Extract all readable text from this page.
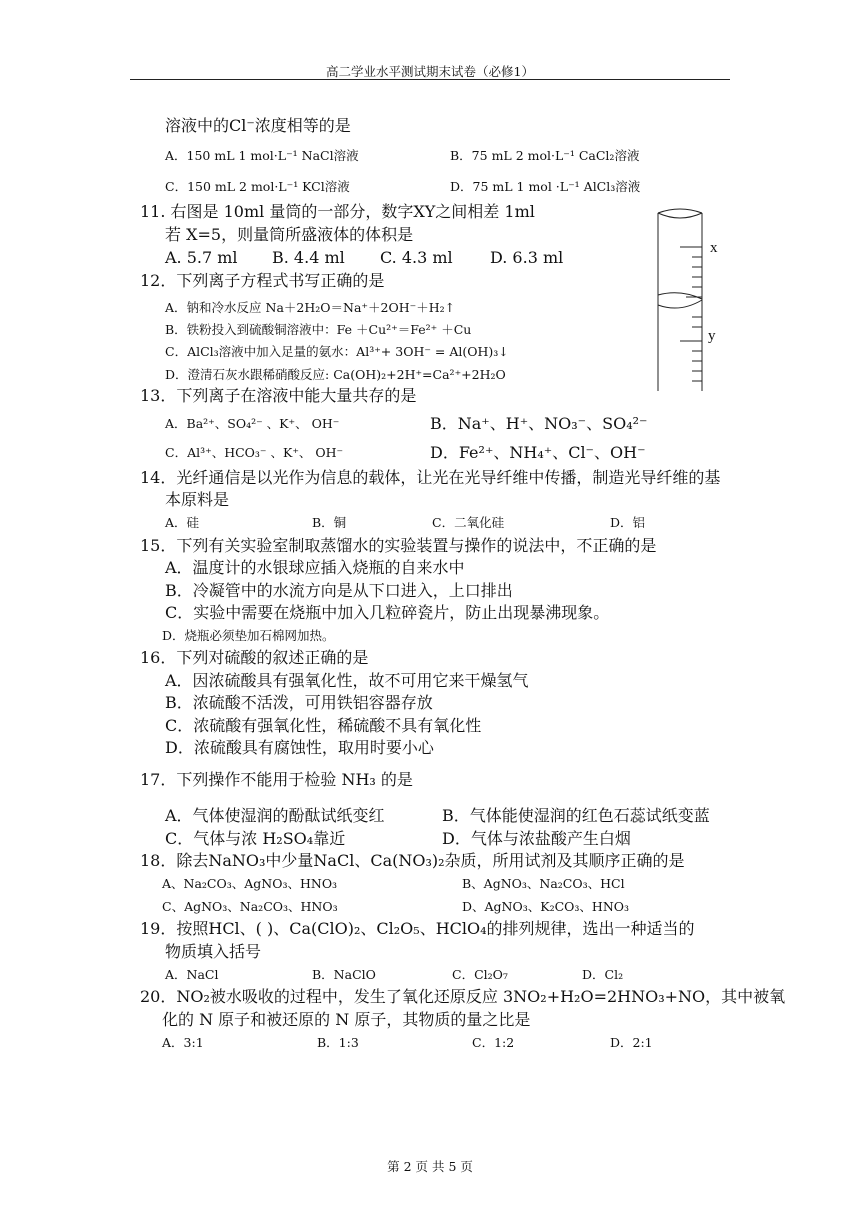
高二学业水平测试期末试卷（必修1）
溶液中的Cl⁻浓度相等的是
A．150 mL 1 mol·L⁻¹ NaCl溶液	B．75 mL 2 mol·L⁻¹ CaCl₂溶液
C．150 mL 2 mol·L⁻¹ KCl溶液	D．75 mL 1 mol ·L⁻¹ AlCl₃溶液
11. 右图是 10ml 量筒的一部分，数字XY之间相差 1ml
若 X=5，则量筒所盛液体的体积是
A. 5.7 ml B. 4.4 ml C. 4.3 ml D. 6.3 ml	x
y
12．下列离子方程式书写正确的是
A．钠和冷水反应 Na＋2H₂O＝Na⁺＋2OH⁻＋H₂↑
B．铁粉投入到硫酸铜溶液中：Fe ＋Cu²⁺＝Fe²⁺ ＋Cu
C．AlCl₃溶液中加入足量的氨水：Al³⁺+ 3OH⁻ = Al(OH)₃↓
D．澄清石灰水跟稀硝酸反应: Ca(OH)₂+2H⁺=Ca²⁺+2H₂O
13．下列离子在溶液中能大量共存的是
A．Ba²⁺、SO₄²⁻ 、K⁺、 OH⁻	B．Na⁺、H⁺、NO₃⁻、SO₄²⁻
C．Al³⁺、HCO₃⁻ 、K⁺、 OH⁻	D．Fe²⁺、NH₄⁺、Cl⁻、OH⁻
14．光纤通信是以光作为信息的载体，让光在光导纤维中传播，制造光导纤维的基
本原料是
A．硅	B．铜	C．二氧化硅	D．铝
15．下列有关实验室制取蒸馏水的实验装置与操作的说法中，不正确的是
A．温度计的水银球应插入烧瓶的自来水中
B．冷凝管中的水流方向是从下口进入，上口排出
C．实验中需要在烧瓶中加入几粒碎瓷片，防止出现暴沸现象。
D．烧瓶必须垫加石棉网加热。
16．下列对硫酸的叙述正确的是
A．因浓硫酸具有强氧化性，故不可用它来干燥氢气
B．浓硫酸不活泼，可用铁铝容器存放
C．浓硫酸有强氧化性，稀硫酸不具有氧化性
D．浓硫酸具有腐蚀性，取用时要小心
17．下列操作不能用于检验 NH₃ 的是
A．气体使湿润的酚酞试纸变红	B．气体能使湿润的红色石蕊试纸变蓝
C．气体与浓 H₂SO₄靠近	D．气体与浓盐酸产生白烟
18．除去NaNO₃中少量NaCl、Ca(NO₃)₂杂质，所用试剂及其顺序正确的是
A、Na₂CO₃、AgNO₃、HNO₃	B、AgNO₃、Na₂CO₃、HCl
C、AgNO₃、Na₂CO₃、HNO₃	D、AgNO₃、K₂CO₃、HNO₃
19．按照HCl、( )、Ca(ClO)₂、Cl₂O₅、HClO₄的排列规律，选出一种适当的
物质填入括号
A．NaCl	B．NaClO	C．Cl₂O₇	D．Cl₂
20．NO₂被水吸收的过程中，发生了氧化还原反应 3NO₂+H₂O=2HNO₃+NO，其中被氧
化的 N 原子和被还原的 N 原子，其物质的量之比是
A．3:1	B．1:3	C．1:2	D．2:1
第 2 页 共 5 页
